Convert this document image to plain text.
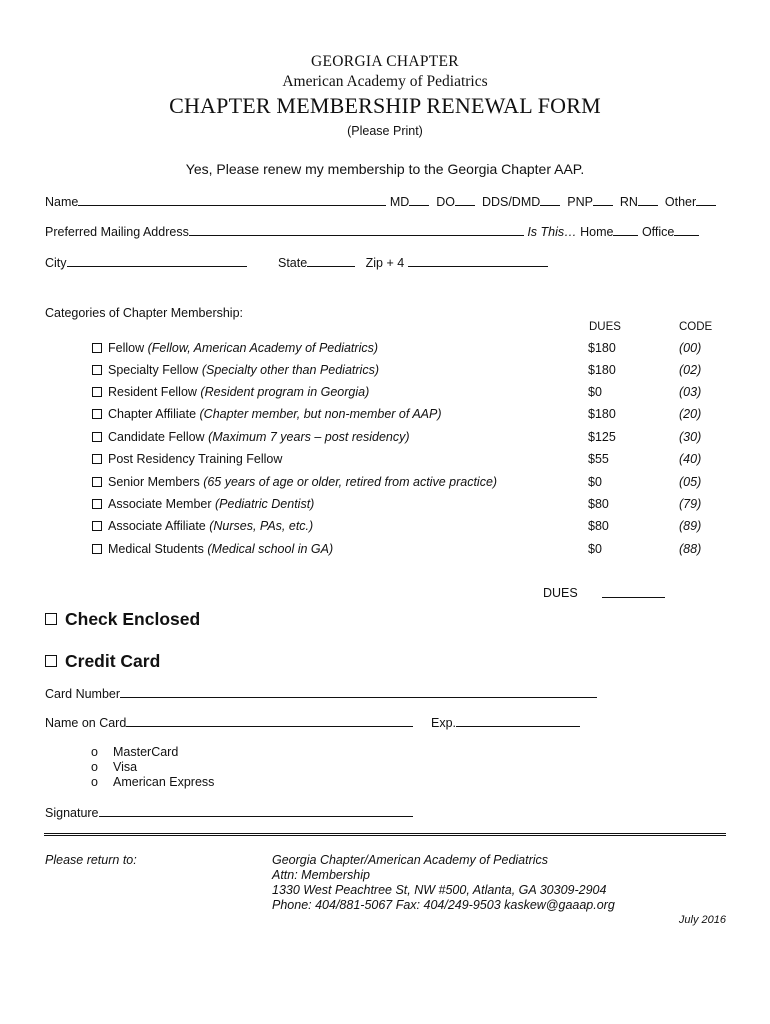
GEORGIA CHAPTER
American Academy of Pediatrics
CHAPTER MEMBERSHIP RENEWAL FORM
(Please Print)
Yes, Please renew my membership to the Georgia Chapter AAP.
Name	MD DO DDS/DMD PNP RN Other
Preferred Mailing Address	Is This… Home Office
City	State	Zip + 4
Categories of Chapter Membership:
DUES	CODE
Fellow (Fellow, American Academy of Pediatrics)	$180	(00)
Specialty Fellow (Specialty other than Pediatrics)	$180	(02)
Resident Fellow (Resident program in Georgia)	$0	(03)
Chapter Affiliate (Chapter member, but non-member of AAP)	$180	(20)
Candidate Fellow (Maximum 7 years – post residency)	$125	(30)
Post Residency Training Fellow	$55	(40)
Senior Members (65 years of age or older, retired from active practice)	$0	(05)
Associate Member (Pediatric Dentist)	$80	(79)
Associate Affiliate (Nurses, PAs, etc.)	$80	(89)
Medical Students (Medical school in GA)	$0	(88)
DUES
Check Enclosed
Credit Card
Card Number
Name on Card	Exp.
o MasterCard
o Visa
o American Express
Signature
Please return to:	Georgia Chapter/American Academy of Pediatrics
Attn: Membership
1330 West Peachtree St, NW #500, Atlanta, GA 30309-2904
Phone: 404/881-5067 Fax: 404/249-9503 kaskew@gaaap.org
July 2016
